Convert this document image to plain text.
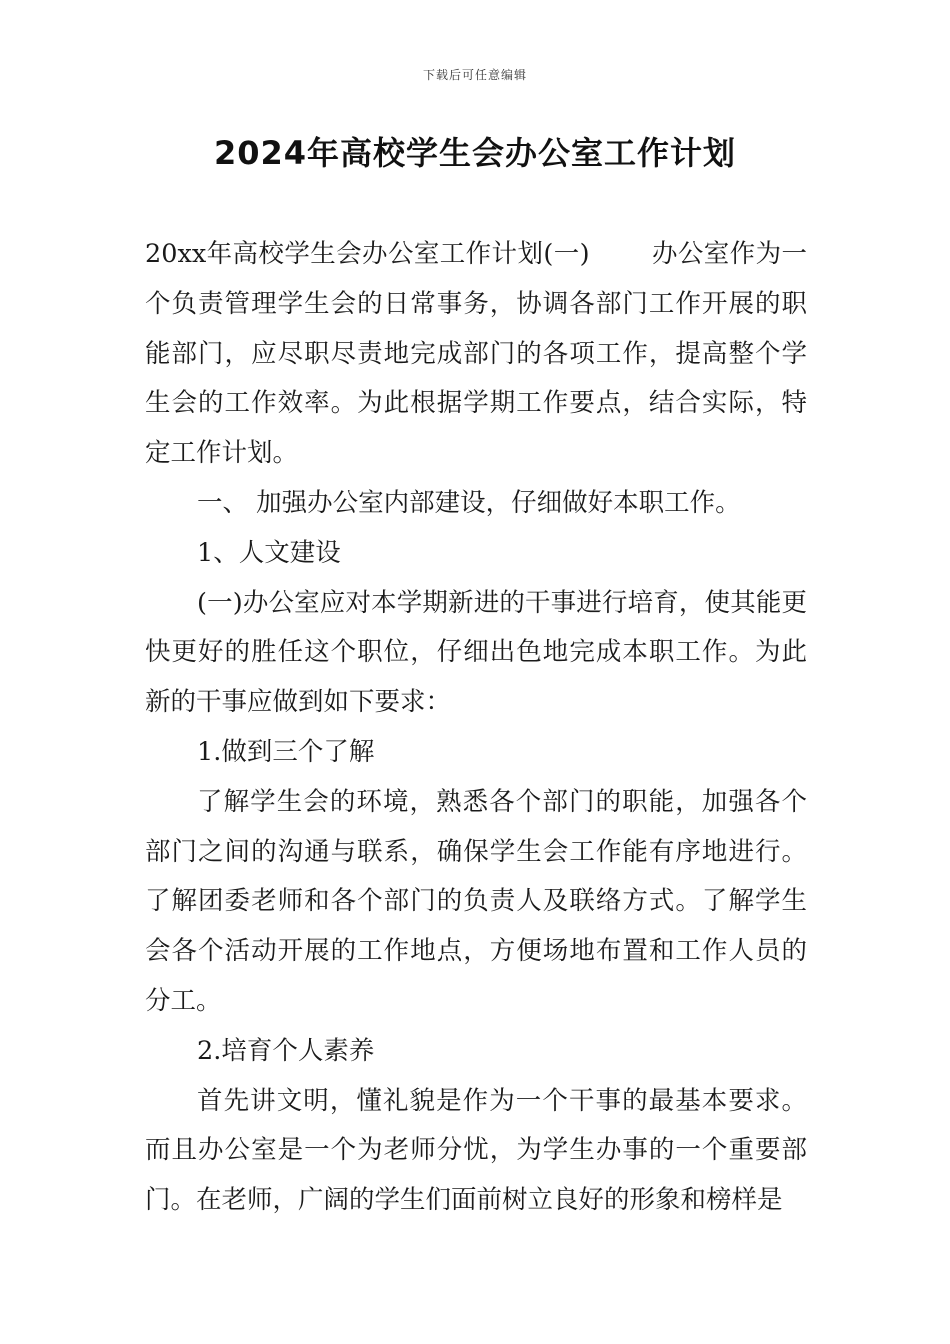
下载后可任意编辑
2024年高校学生会办公室工作计划

20xx年高校学生会办公室工作计划(一) 办公室作为一个负责管理学生会的日常事务，协调各部门工作开展的职能部门，应尽职尽责地完成部门的各项工作，提高整个学生会的工作效率。为此根据学期工作要点，结合实际，特定工作计划。

一、 加强办公室内部建设，仔细做好本职工作。

1、人文建设

(一)办公室应对本学期新进的干事进行培育，使其能更快更好的胜任这个职位，仔细出色地完成本职工作。为此新的干事应做到如下要求：

1.做到三个了解

了解学生会的环境，熟悉各个部门的职能，加强各个部门之间的沟通与联系，确保学生会工作能有序地进行。了解团委老师和各个部门的负责人及联络方式。了解学生会各个活动开展的工作地点，方便场地布置和工作人员的分工。

2.培育个人素养

首先讲文明，懂礼貌是作为一个干事的最基本要求。而且办公室是一个为老师分忧，为学生办事的一个重要部门。在老师，广阔的学生们面前树立良好的形象和榜样是
